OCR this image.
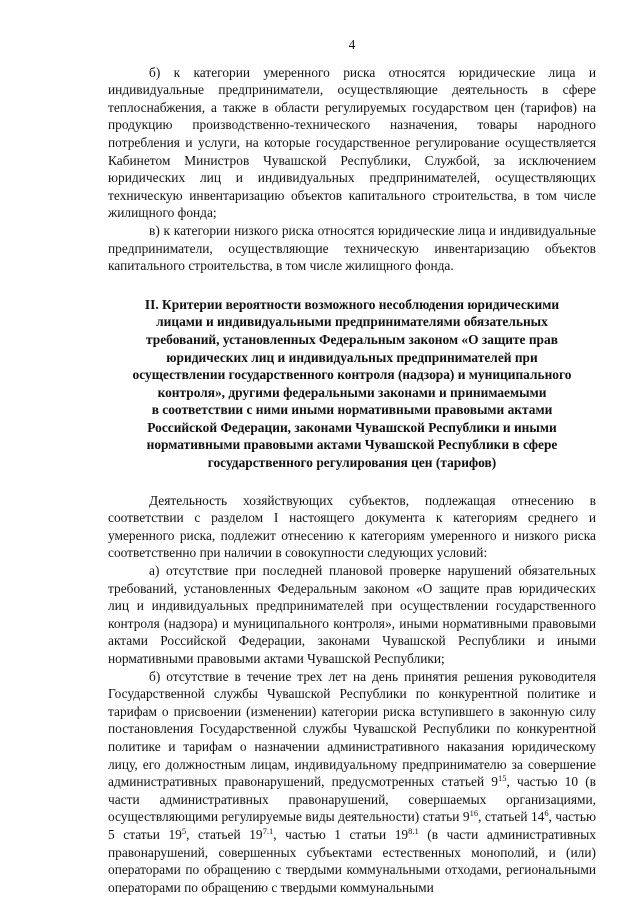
4

б) к категории умеренного риска относятся юридические лица и индивидуальные предприниматели, осуществляющие деятельность в сфере теплоснабжения, а также в области регулируемых государством цен (тарифов) на продукцию производственно-технического назначения, товары народного потребления и услуги, на которые государственное регулирование осуществляется Кабинетом Министров Чувашской Республики, Службой, за исключением юридических лиц и индивидуальных предпринимателей, осуществляющих техническую инвентаризацию объектов капитального строительства, в том числе жилищного фонда;

в) к категории низкого риска относятся юридические лица и индивидуальные предприниматели, осуществляющие техническую инвентаризацию объектов капитального строительства, в том числе жилищного фонда.

II. Критерии вероятности возможного несоблюдения юридическими
лицами и индивидуальными предпринимателями обязательных
требований, установленных Федеральным законом «О защите прав
юридических лиц и индивидуальных предпринимателей при
осуществлении государственного контроля (надзора) и муниципального
контроля», другими федеральными законами и принимаемыми
в соответствии с ними иными нормативными правовыми актами
Российской Федерации, законами Чувашской Республики и иными
нормативными правовыми актами Чувашской Республики в сфере
государственного регулирования цен (тарифов)

Деятельность хозяйствующих субъектов, подлежащая отнесению в соответствии с разделом I настоящего документа к категориям среднего и умеренного риска, подлежит отнесению к категориям умеренного и низкого риска соответственно при наличии в совокупности следующих условий:

а) отсутствие при последней плановой проверке нарушений обязательных требований, установленных Федеральным законом «О защите прав юридических лиц и индивидуальных предпринимателей при осуществлении государственного контроля (надзора) и муниципального контроля», иными нормативными правовыми актами Российской Федерации, законами Чувашской Республики и иными нормативными правовыми актами Чувашской Республики;

б) отсутствие в течение трех лет на день принятия решения руководителя Государственной службы Чувашской Республики по конкурентной политике и тарифам о присвоении (изменении) категории риска вступившего в законную силу постановления Государственной службы Чувашской Республики по конкурентной политике и тарифам о назначении административного наказания юридическому лицу, его должностным лицам, индивидуальному предпринимателю за совершение административных правонарушений, предусмотренных статьей $9^{15}$, частью 10 (в части административных правонарушений, совершаемых организациями, осуществляющими регулируемые виды деятельности) статьи $9^{16}$, статьей $14^6$, частью 5 статьи $19^5$, статьей $19^{7.1}$, частью 1 статьи $19^{8.1}$ (в части административных правонарушений, совершенных субъектами естественных монополий, и (или) операторами по обращению с твердыми коммунальными отходами, региональными операторами по обращению с твердыми коммунальными
